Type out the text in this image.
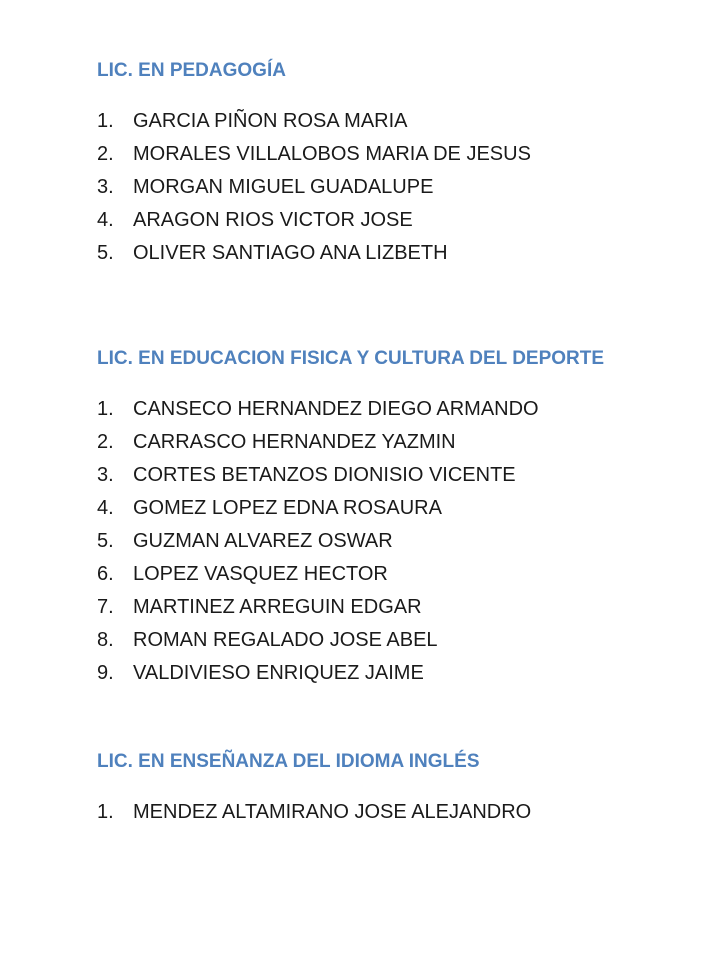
LIC. EN PEDAGOGÍA
1. GARCIA PIÑON ROSA MARIA
2. MORALES VILLALOBOS MARIA DE JESUS
3. MORGAN MIGUEL GUADALUPE
4. ARAGON RIOS VICTOR JOSE
5. OLIVER SANTIAGO ANA LIZBETH
LIC. EN EDUCACION FISICA Y CULTURA DEL DEPORTE
1. CANSECO HERNANDEZ DIEGO ARMANDO
2. CARRASCO HERNANDEZ YAZMIN
3. CORTES BETANZOS DIONISIO VICENTE
4. GOMEZ LOPEZ EDNA ROSAURA
5. GUZMAN ALVAREZ OSWAR
6. LOPEZ VASQUEZ HECTOR
7. MARTINEZ ARREGUIN EDGAR
8. ROMAN REGALADO JOSE ABEL
9. VALDIVIESO ENRIQUEZ JAIME
LIC. EN ENSEÑANZA DEL IDIOMA INGLÉS
1. MENDEZ ALTAMIRANO JOSE ALEJANDRO
